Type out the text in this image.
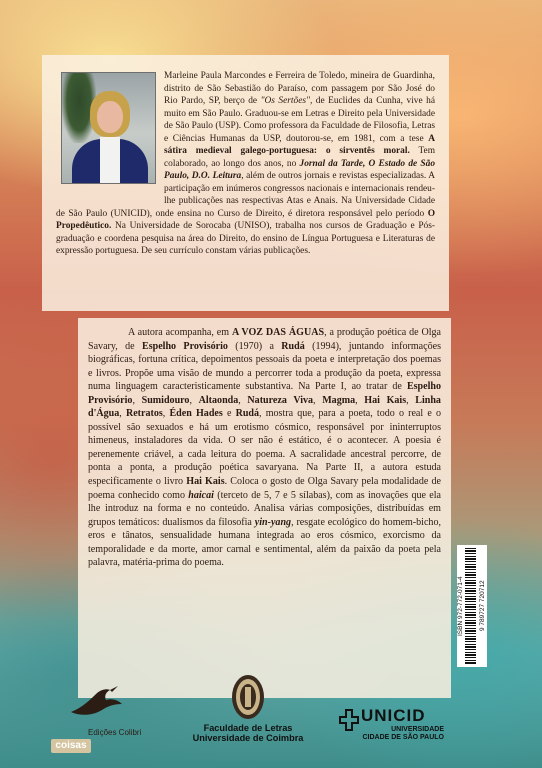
Marleine Paula Marcondes e Ferreira de Toledo, mineira de Guardinha, distrito de São Sebastião do Paraíso, com passagem por São José do Rio Pardo, SP, berço de "Os Sertões", de Euclides da Cunha, vive há muito em São Paulo. Graduou-se em Letras e Direito pela Universidade de São Paulo (USP). Como professora da Faculdade de Filosofia, Letras e Ciências Humanas da USP, doutorou-se, em 1981, com a tese A sátira medieval galego-portuguesa: o sirventês moral. Tem colaborado, ao longo dos anos, no Jornal da Tarde, O Estado de São Paulo, D.O. Leitura, além de outros jornais e revistas especializadas. A participação em inúmeros congressos nacionais e internacionais rendeu-lhe publicações nas respectivas Atas e Anais. Na Universidade Cidade de São Paulo (UNICID), onde ensina no Curso de Direito, é diretora responsável pelo período O Propedêutico. Na Universidade de Sorocaba (UNISO), trabalha nos cursos de Graduação e Pós-graduação e coordena pesquisa na área do Direito, do ensino de Língua Portuguesa e Literaturas de expressão portuguesa. De seu currículo constam várias publicações.
A autora acompanha, em A VOZ DAS ÁGUAS, a produção poética de Olga Savary, de Espelho Provisório (1970) a Rudá (1994), juntando informações biográficas, fortuna crítica, depoimentos pessoais da poeta e interpretação dos poemas e livros. Propõe uma visão de mundo a percorrer toda a produção da poeta, expressa numa linguagem caracteristicamente substantiva. Na Parte I, ao tratar de Espelho Provisório, Sumidouro, Altaonda, Natureza Viva, Magma, Hai Kais, Linha d'Água, Retratos, Éden Hades e Rudá, mostra que, para a poeta, todo o real e o possível são sexuados e há um erotismo cósmico, responsável por ininterruptos himeneus, instaladores da vida. O ser não é estático, é o acontecer. A poesia é perenemente criável, a cada leitura do poema. A sacralidade ancestral percorre, de ponta a ponta, a produção poética savaryana. Na Parte II, a autora estuda especificamente o livro Hai Kais. Coloca o gosto de Olga Savary pela modalidade de poema conhecido como haicai (terceto de 5, 7 e 5 sílabas), com as inovações que ela lhe introduz na forma e no conteúdo. Analisa várias composições, distribuídas em grupos temáticos: dualismos da filosofia yin-yang, resgate ecológico do homem-bicho, eros e tânatos, sensualidade humana integrada ao eros cósmico, exorcismo da temporalidade e da morte, amor carnal e sentimental, além da paixão da poeta pela palavra, matéria-prima do poema.
ISBN 972-772-071-4 9 789727 720712
Edições Colibri	Faculdade de Letras
Universidade de Coimbra
UNICID
UNIVERSIDADE
CIDADE DE SÃO PAULO
coisas
